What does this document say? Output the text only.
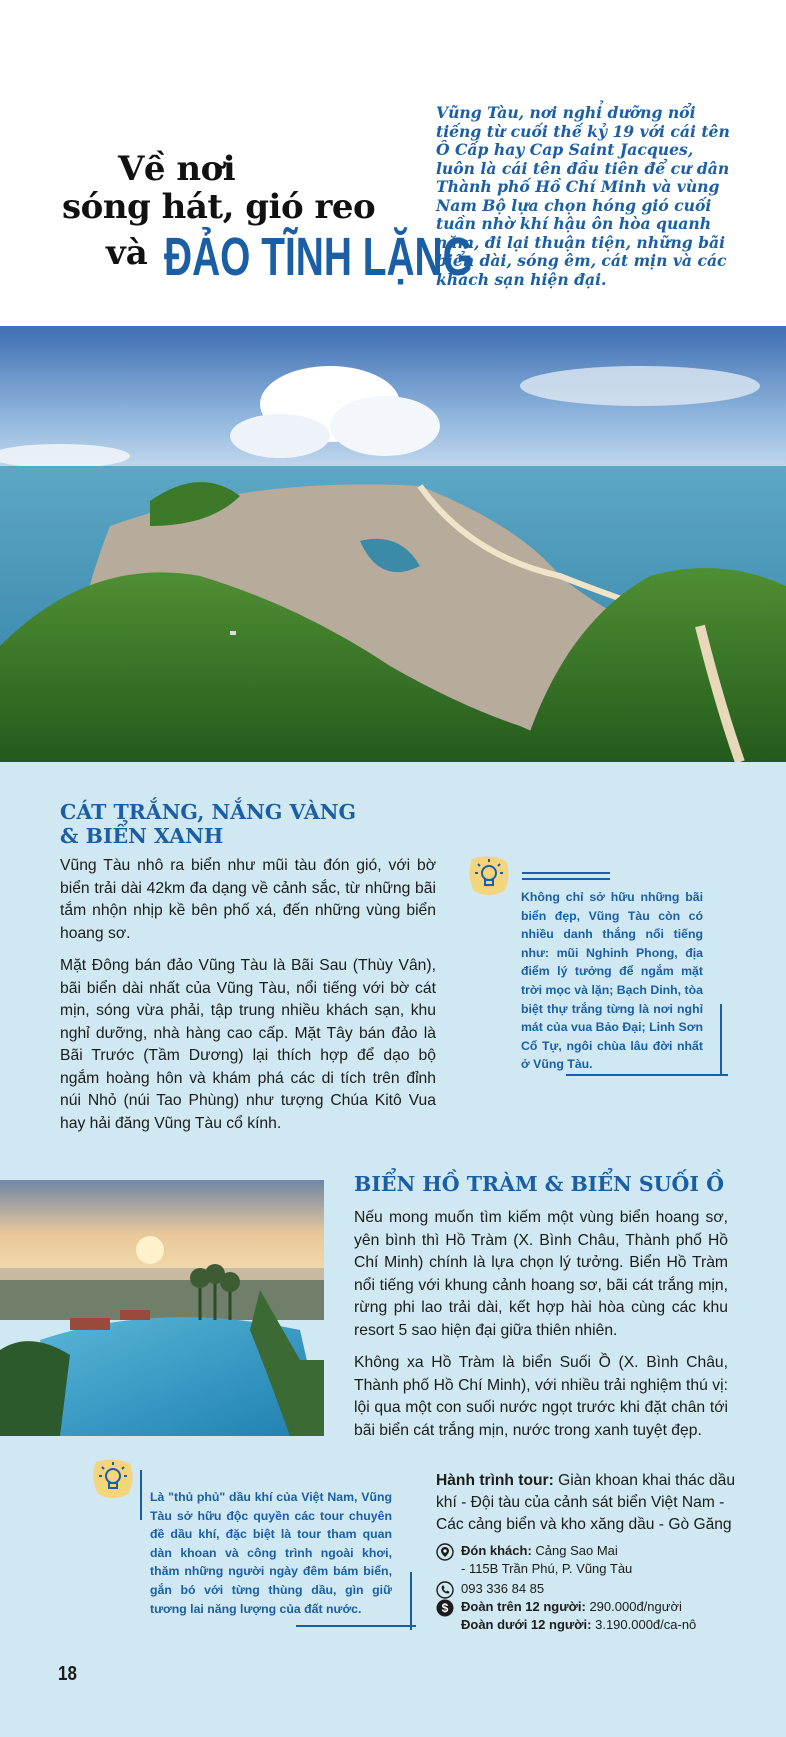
Về nơi
sóng hát, gió reo
và ĐẢO TĨNH LẶNG
Vũng Tàu, nơi nghỉ dưỡng nổi tiếng từ cuối thế kỷ 19 với cái tên Ô Cấp hay Cap Saint Jacques, luôn là cái tên đầu tiên để cư dân Thành phố Hồ Chí Minh và vùng Nam Bộ lựa chọn hóng gió cuối tuần nhờ khí hậu ôn hòa quanh năm, đi lại thuận tiện, những bãi biển dài, sóng êm, cát mịn và các khách sạn hiện đại.
CÁT TRẮNG, NẮNG VÀNG
& BIỂN XANH

Vũng Tàu nhô ra biển như mũi tàu đón gió, với bờ biển trải dài 42km đa dạng về cảnh sắc, từ những bãi tắm nhộn nhịp kề bên phố xá, đến những vùng biển hoang sơ.

Mặt Đông bán đảo Vũng Tàu là Bãi Sau (Thùy Vân), bãi biển dài nhất của Vũng Tàu, nổi tiếng với bờ cát mịn, sóng vừa phải, tập trung nhiều khách sạn, khu nghỉ dưỡng, nhà hàng cao cấp. Mặt Tây bán đảo là Bãi Trước (Tầm Dương) lại thích hợp để dạo bộ ngắm hoàng hôn và khám phá các di tích trên đỉnh núi Nhỏ (núi Tao Phùng) như tượng Chúa Kitô Vua hay hải đăng Vũng Tàu cổ kính.

Không chỉ sở hữu những bãi biển đẹp, Vũng Tàu còn có nhiều danh thắng nổi tiếng như: mũi Nghinh Phong, địa điểm lý tưởng để ngắm mặt trời mọc và lặn; Bạch Dinh, tòa biệt thự trắng từng là nơi nghỉ mát của vua Bảo Đại; Linh Sơn Cổ Tự, ngôi chùa lâu đời nhất ở Vũng Tàu.
BIỂN HỒ TRÀM & BIỂN SUỐI Ồ

Nếu mong muốn tìm kiếm một vùng biển hoang sơ, yên bình thì Hồ Tràm (X. Bình Châu, Thành phố Hồ Chí Minh) chính là lựa chọn lý tưởng. Biển Hồ Tràm nổi tiếng với khung cảnh hoang sơ, bãi cát trắng mịn, rừng phi lao trải dài, kết hợp hài hòa cùng các khu resort 5 sao hiện đại giữa thiên nhiên.

Không xa Hồ Tràm là biển Suối Ồ (X. Bình Châu, Thành phố Hồ Chí Minh), với nhiều trải nghiệm thú vị: lội qua một con suối nước ngọt trước khi đặt chân tới bãi biển cát trắng mịn, nước trong xanh tuyệt đẹp.

Là "thủ phủ" dầu khí của Việt Nam, Vũng Tàu sở hữu độc quyền các tour chuyên đề dầu khí, đặc biệt là tour tham quan dàn khoan và công trình ngoài khơi, thăm những người ngày đêm bám biển, gắn bó với từng thùng dầu, gìn giữ tương lai năng lượng của đất nước.
Hành trình tour: Giàn khoan khai thác dầu khí - Đội tàu của cảnh sát biển Việt Nam - Các cảng biển và kho xăng dầu - Gò Găng
Đón khách: Cảng Sao Mai
- 115B Trần Phú, P. Vũng Tàu
093 336 84 85
$ Đoàn trên 12 người: 290.000đ/người
Đoàn dưới 12 người: 3.190.000đ/ca-nô
18
